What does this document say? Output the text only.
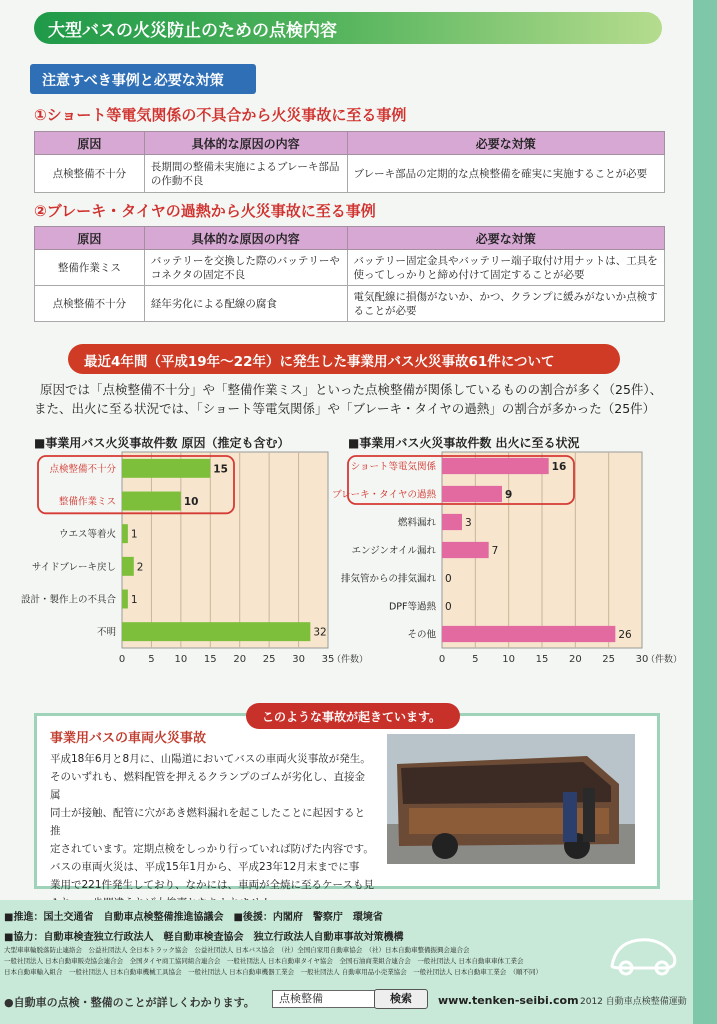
大型バスの火災防止のための点検内容
注意すべき事例と必要な対策
①ショート等電気関係の不具合から火災事故に至る事例
原因	具体的な原因の内容	必要な対策
点検整備不十分	長期間の整備未実施によるブレーキ部品の作動不良	ブレーキ部品の定期的な点検整備を確実に実施することが必要
②ブレーキ・タイヤの過熱から火災事故に至る事例
原因	具体的な原因の内容	必要な対策
整備作業ミス	バッテリーを交換した際のバッテリーやコネクタの固定不良	バッテリー固定金具やバッテリー端子取付け用ナットは、工具を使ってしっかりと締め付けて固定することが必要
点検整備不十分	経年劣化による配線の腐食	電気配線に損傷がないか、かつ、クランプに緩みがないか点検することが必要
最近4年間（平成19年〜22年）に発生した事業用バス火災事故61件について
原因では「点検整備不十分」や「整備作業ミス」といった点検整備が関係しているものの割合が多く（25件）、
また、出火に至る状況では、「ショート等電気関係」や「ブレーキ・タイヤの過熱」の割合が多かった（25件）
■事業用バス火災事故件数 原因（推定も含む）	■事業用バス火災事故件数 出火に至る状況
0 5 10 15 20 25 30 35
（件数）
点検整備不十分	15
整備作業ミス	10
ウエス等着火 1
サイドブレーキ戻し 2
設計・製作上の不具合 1
不明	32
0	5 10 15 20 25 30
（件数）
ショート等電気関係	16
ブレーキ・タイヤの過熱	9
燃料漏れ	3
エンジンオイル漏れ	7
排気管からの排気漏れ 0
DPF等過熱 0
その他	26
このような事故が起きています。
事業用バスの車両火災事故
平成18年6月と8月に、山陽道においてバスの車両火災事故が発生。
そのいずれも、燃料配管を押えるクランプのゴムが劣化し、直接金属
同士が接触、配管に穴があき燃料漏れを起こしたことに起因すると推
定されています。定期点検をしっかり行っていれば防げた内容です。
バスの車両火災は、平成15年1月から、平成23年12月末までに事
業用で221件発生しており、なかには、車両が全焼に至るケースも見
■推進：国土交通省　自動車点検整備推進協議会　■後援：内閣府　警察庁　環境省
■協力：自動車検査独立行政法人　軽自動車検査協会　独立行政法人自動車事故対策機構
大型車車輪脱落防止連絡会　公益社団法人 全日本トラック協会　公益社団法人 日本バス協会　（社）全国自家用自動車協会　（社）日本自動車整備振興会連合会
一般社団法人 日本自動車販売協会連合会　全国タイヤ商工協同組合連合会　一般社団法人 日本自動車タイヤ協会　全国石油商業組合連合会　一般社団法人 日本自動車車体工業会
日本自動車輸入組合　一般社団法人 日本自動車機械工具協会　一般社団法人 日本自動車機器工業会　一般社団法人 自動車用品小売業協会　一般社団法人 日本自動車工業会　（順不同）
●自動車の点検・整備のことが詳しくわかります。	点検整備	検索	www.tenken-seibi.com 2012 自動車点検整備運動
